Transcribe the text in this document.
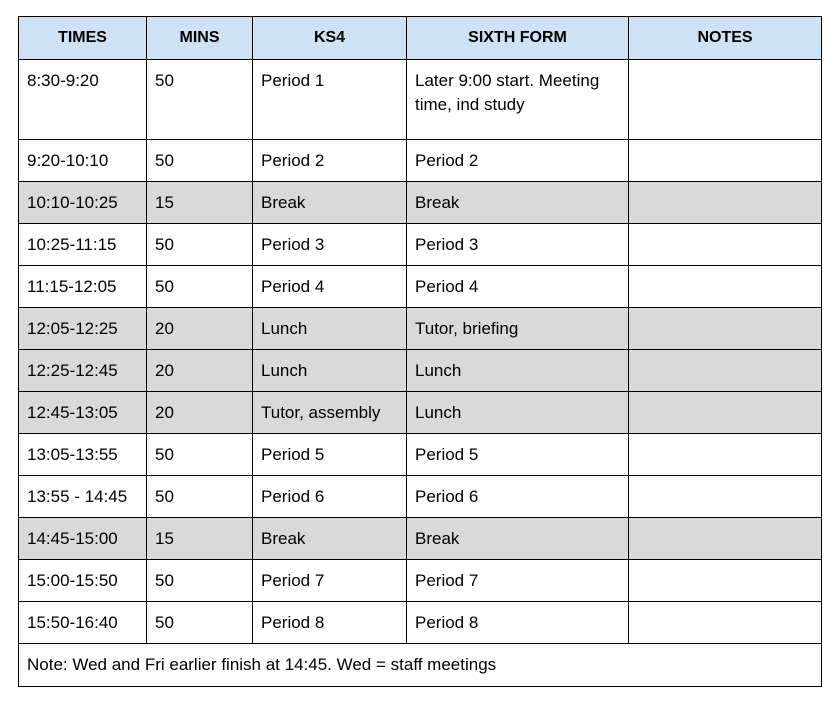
TIMES	MINS	KS4	SIXTH FORM	NOTES
8:30-9:20	50	Period 1	Later 9:00 start. Meeting time, ind study	
9:20-10:10	50	Period 2	Period 2	
10:10-10:25	15	Break	Break	
10:25-11:15	50	Period 3	Period 3	
11:15-12:05	50	Period 4	Period 4	
12:05-12:25	20	Lunch	Tutor, briefing	
12:25-12:45	20	Lunch	Lunch	
12:45-13:05	20	Tutor, assembly	Lunch	
13:05-13:55	50	Period 5	Period 5	
13:55 - 14:45	50	Period 6	Period 6	
14:45-15:00	15	Break	Break	
15:00-15:50	50	Period 7	Period 7	
15:50-16:40	50	Period 8	Period 8	
Note: Wed and Fri earlier finish at 14:45. Wed = staff meetings				
